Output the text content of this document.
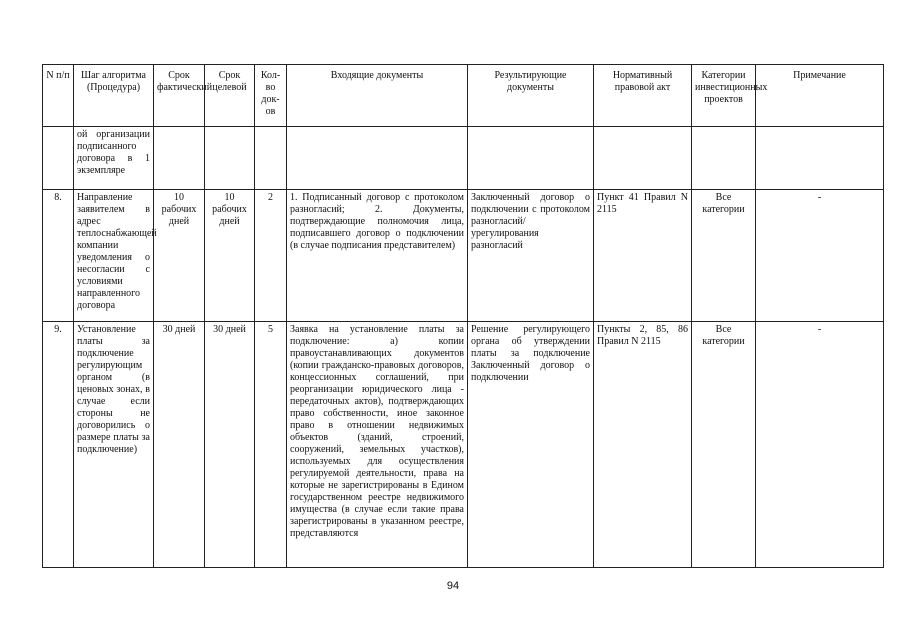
N п/п	Шаг алгоритма (Процедура)	Срок фактический	Срок целевой	Кол-во док-ов	Входящие документы	Результирующие документы	Нормативный правовой акт	Категории инвестиционных проектов	Примечание
	ой организации подписанного договора в 1 экземпляре								
8.	Направление заявителем в адрес теплоснабжающей компании уведомления о несогласии с условиями направленного договора	10 рабочих дней	10 рабочих дней	2	1. Подписанный договор с протоколом разногласий; 2. Документы, подтверждающие полномочия лица, подписавшего договор о подключении (в случае подписания представителем)	Заключенный договор о подключении с протоколом разногласий/урегулирования разногласий	Пункт 41 Правил N 2115	Все категории	-
9.	Установление платы за подключение регулирующим органом (в ценовых зонах, в случае если стороны не договорились о размере платы за подключение)	30 дней	30 дней	5	Заявка на установление платы за подключение: а) копии правоустанавливающих документов (копии гражданско-правовых договоров, концессионных соглашений, при реорганизации юридического лица - передаточных актов), подтверждающих право собственности, иное законное право в отношении недвижимых объектов (зданий, строений, сооружений, земельных участков), используемых для осуществления регулируемой деятельности, права на которые не зарегистрированы в Едином государственном реестре недвижимого имущества (в случае если такие права зарегистрированы в указанном реестре, представляются	Решение регулирующего органа об утверждении платы за подключение Заключенный договор о подключении	Пункты 2, 85, 86 Правил N 2115	Все категории	-
94
